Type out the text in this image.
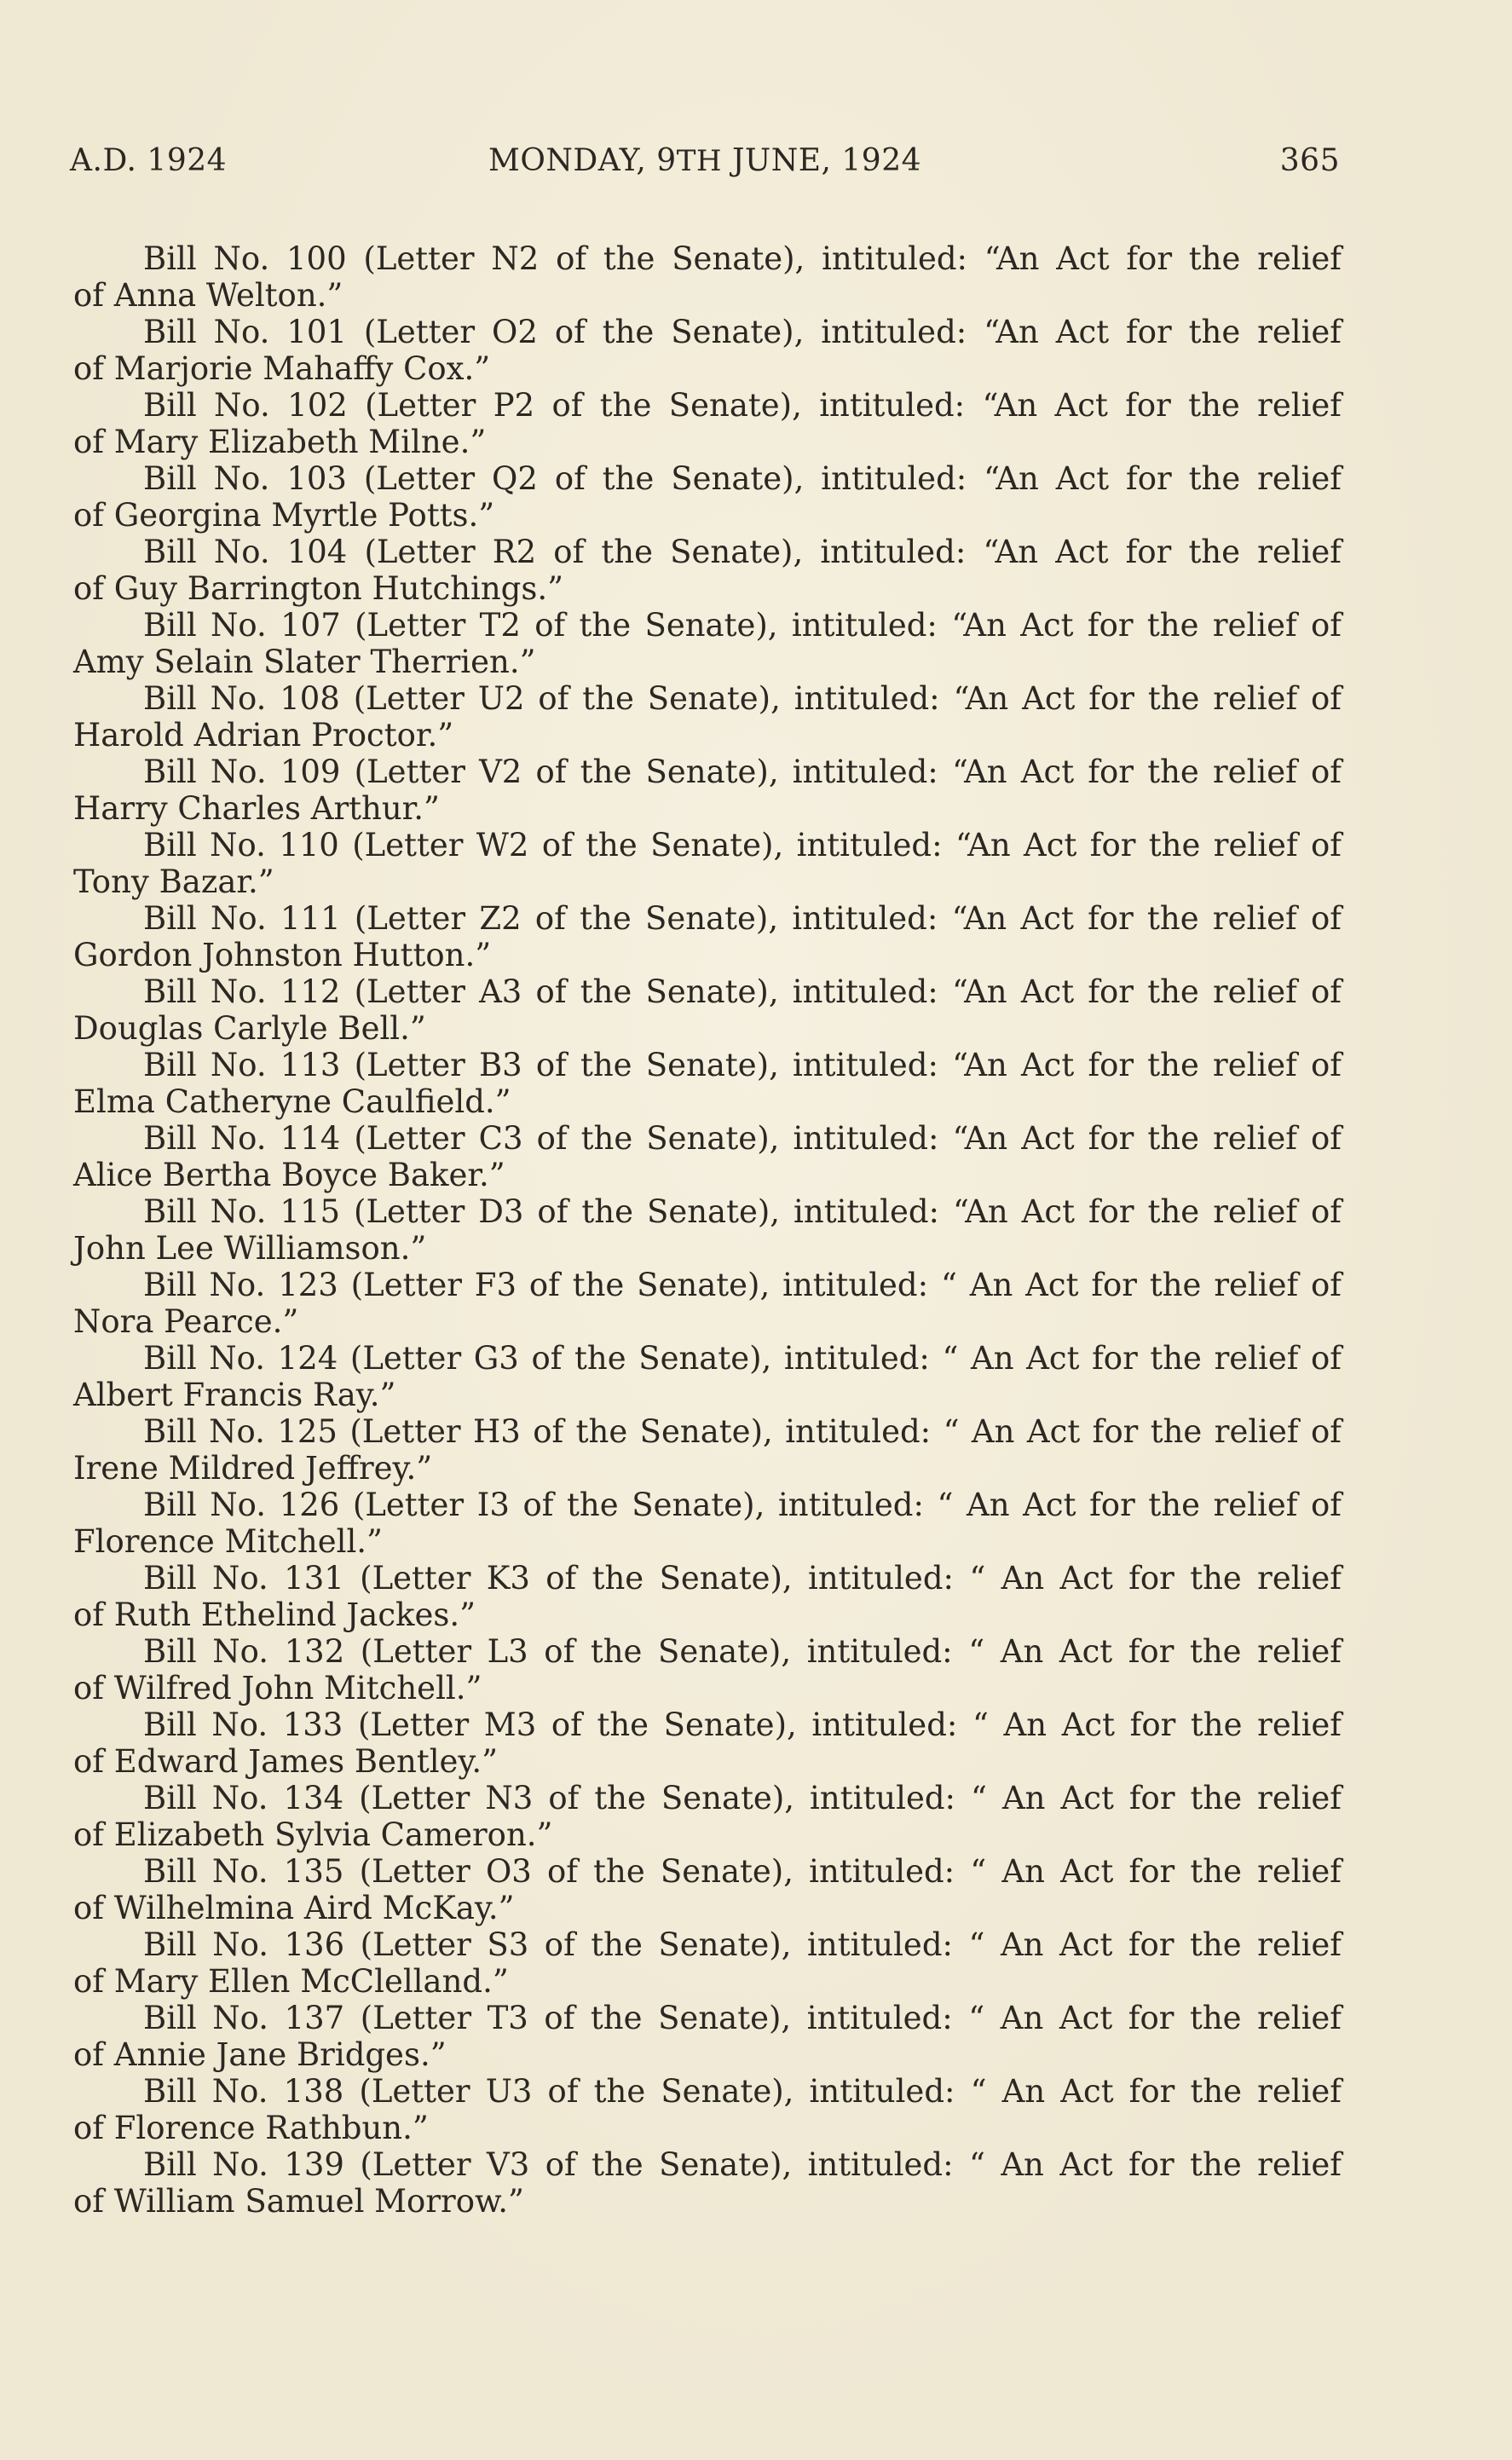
A.D. 1924	MONDAY, 9TH JUNE, 1924	365
Bill No. 100 (Letter N2 of the Senate), intituled: “An Act for the relief
of Anna Welton.”
Bill No. 101 (Letter O2 of the Senate), intituled: “An Act for the relief
of Marjorie Mahaffy Cox.”
Bill No. 102 (Letter P2 of the Senate), intituled: “An Act for the relief
of Mary Elizabeth Milne.”
Bill No. 103 (Letter Q2 of the Senate), intituled: “An Act for the relief
of Georgina Myrtle Potts.”
Bill No. 104 (Letter R2 of the Senate), intituled: “An Act for the relief
of Guy Barrington Hutchings.”
Bill No. 107 (Letter T2 of the Senate), intituled: “An Act for the relief of
Amy Selain Slater Therrien.”
Bill No. 108 (Letter U2 of the Senate), intituled: “An Act for the relief of
Harold Adrian Proctor.”
Bill No. 109 (Letter V2 of the Senate), intituled: “An Act for the relief of
Harry Charles Arthur.”
Bill No. 110 (Letter W2 of the Senate), intituled: “An Act for the relief of
Tony Bazar.”
Bill No. 111 (Letter Z2 of the Senate), intituled: “An Act for the relief of
Gordon Johnston Hutton.”
Bill No. 112 (Letter A3 of the Senate), intituled: “An Act for the relief of
Douglas Carlyle Bell.”
Bill No. 113 (Letter B3 of the Senate), intituled: “An Act for the relief of
Elma Catheryne Caulfield.”
Bill No. 114 (Letter C3 of the Senate), intituled: “An Act for the relief of
Alice Bertha Boyce Baker.”
Bill No. 115 (Letter D3 of the Senate), intituled: “An Act for the relief of
John Lee Williamson.”
Bill No. 123 (Letter F3 of the Senate), intituled: “ An Act for the relief of
Nora Pearce.”
Bill No. 124 (Letter G3 of the Senate), intituled: “ An Act for the relief of
Albert Francis Ray.”
Bill No. 125 (Letter H3 of the Senate), intituled: “ An Act for the relief of
Irene Mildred Jeffrey.”
Bill No. 126 (Letter I3 of the Senate), intituled: “ An Act for the relief of
Florence Mitchell.”
Bill No. 131 (Letter K3 of the Senate), intituled: “ An Act for the relief
of Ruth Ethelind Jackes.”
Bill No. 132 (Letter L3 of the Senate), intituled: “ An Act for the relief
of Wilfred John Mitchell.”
Bill No. 133 (Letter M3 of the Senate), intituled: “ An Act for the relief
of Edward James Bentley.”
Bill No. 134 (Letter N3 of the Senate), intituled: “ An Act for the relief
of Elizabeth Sylvia Cameron.”
Bill No. 135 (Letter O3 of the Senate), intituled: “ An Act for the relief
of Wilhelmina Aird McKay.”
Bill No. 136 (Letter S3 of the Senate), intituled: “ An Act for the relief
of Mary Ellen McClelland.”
Bill No. 137 (Letter T3 of the Senate), intituled: “ An Act for the relief
of Annie Jane Bridges.”
Bill No. 138 (Letter U3 of the Senate), intituled: “ An Act for the relief
of Florence Rathbun.”
Bill No. 139 (Letter V3 of the Senate), intituled: “ An Act for the relief
of William Samuel Morrow.”
